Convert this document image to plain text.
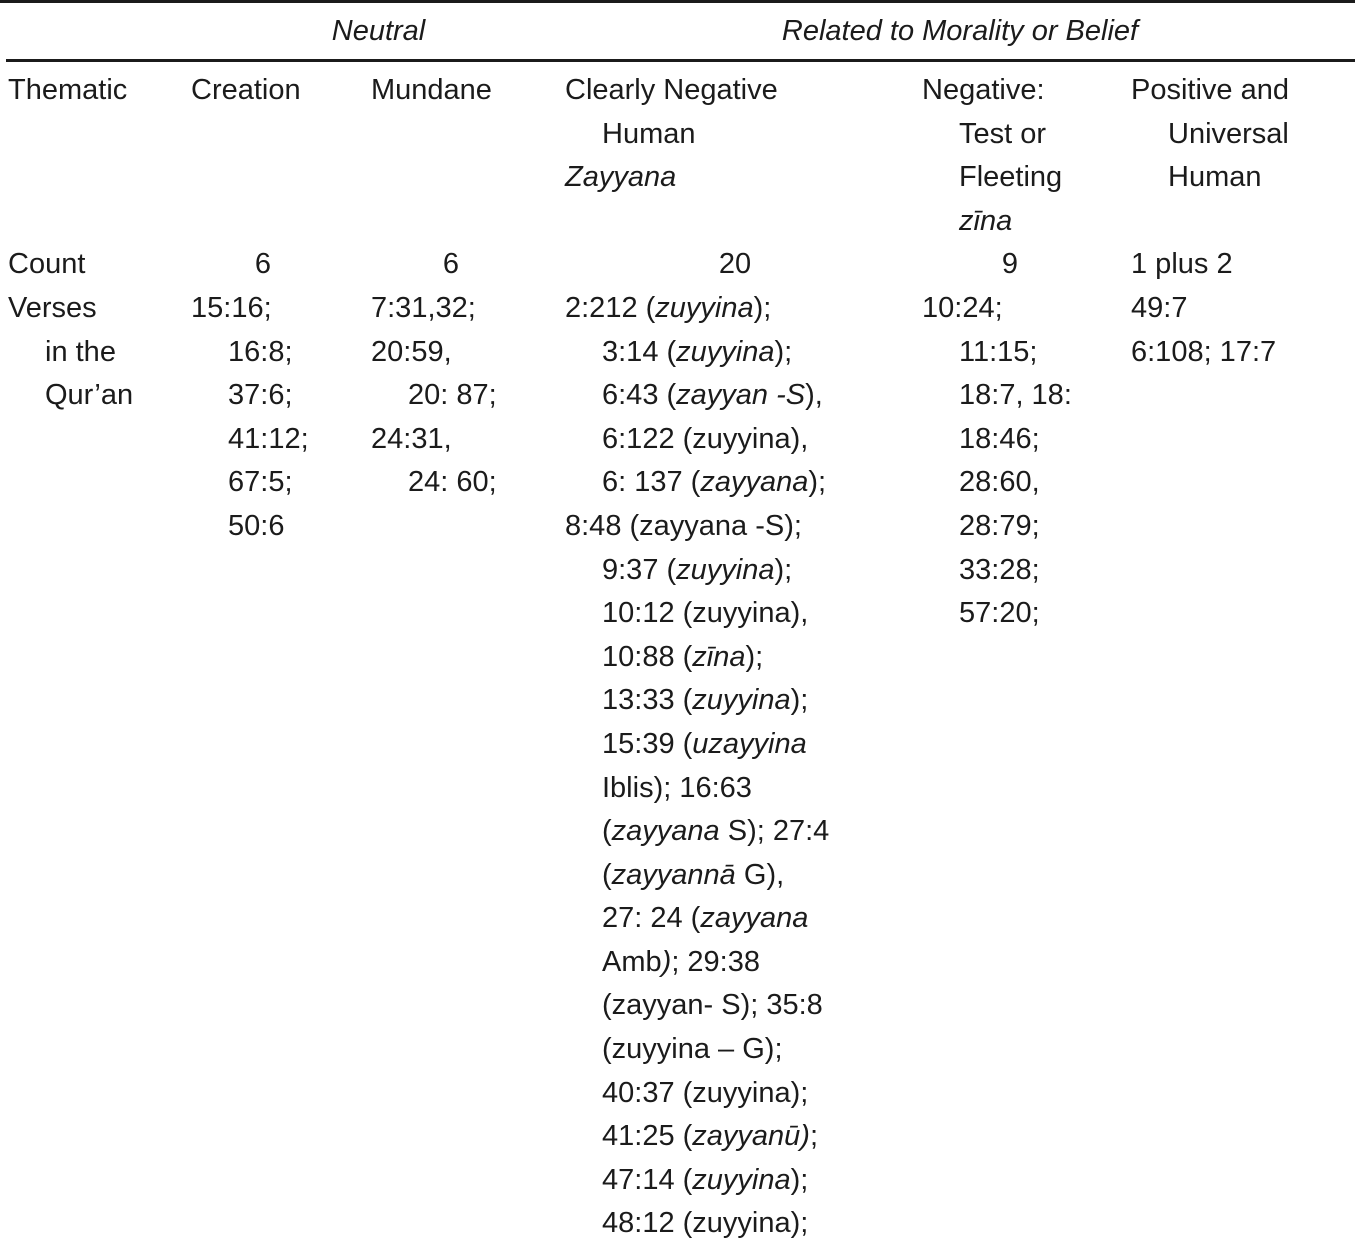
Neutral	Related to Morality or Belief
Thematic
Count
Verses
in the
Qur’an
Creation
6
15:16;
16:8;
37:6;
41:12;
67:5;
50:6
Mundane
6
7:31,32;
20:59,
20: 87;
24:31,
24: 60;
Clearly Negative
Human
Zayyana
20
2:212 (zuyyina);
3:14 (zuyyina);
6:43 (zayyan -S),
6:122 (zuyyina),
6: 137 (zayyana);
8:48 (zayyana -S);
9:37 (zuyyina);
10:12 (zuyyina),
10:88 (zīna);
13:33 (zuyyina);
15:39 (uzayyina
Iblis); 16:63
(zayyana S); 27:4
(zayyannā G),
27: 24 (zayyana
Amb); 29:38
(zayyan- S); 35:8
(zuyyina – G);
40:37 (zuyyina);
41:25 (zayyanū);
47:14 (zuyyina);
48:12 (zuyyina);
Negative:
Test or
Fleeting
zīna
9
10:24;
11:15;
18:7, 18:
18:46;
28:60,
28:79;
33:28;
57:20;
Positive and
Universal
Human
1 plus 2
49:7
6:108; 17:7
